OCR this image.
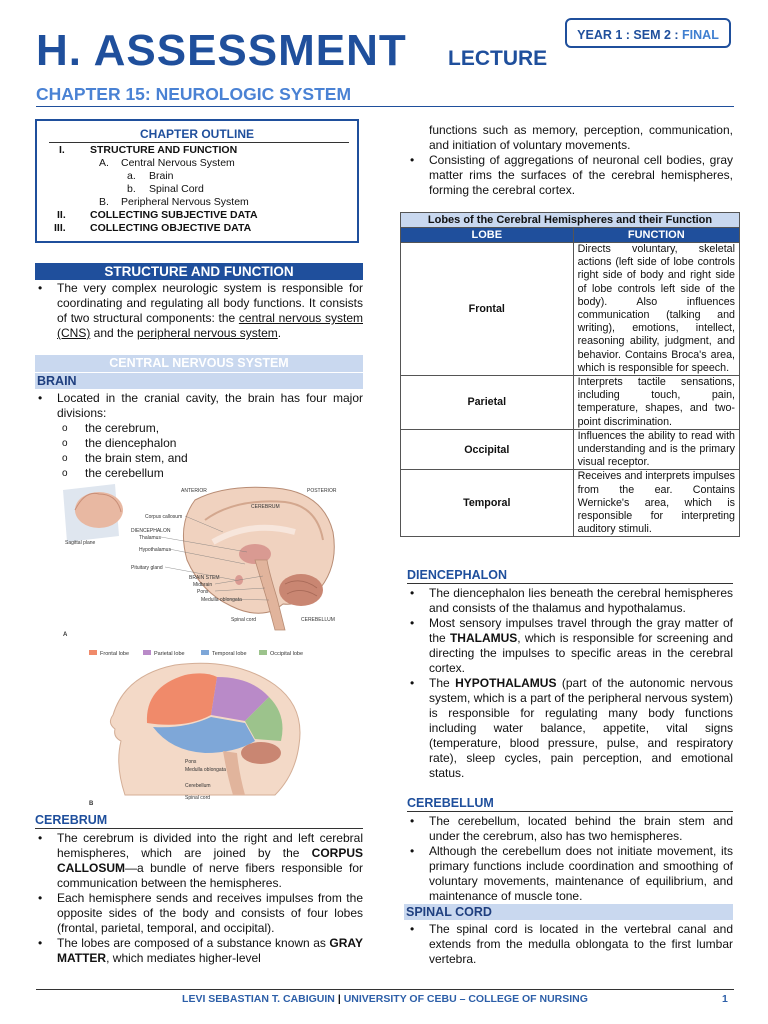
H. ASSESSMENT LECTURE
YEAR 1 : SEM 2 : FINAL
CHAPTER 15: NEUROLOGIC SYSTEM
CHAPTER OUTLINE
I. STRUCTURE AND FUNCTION
A. Central Nervous System
a. Brain
b. Spinal Cord
B. Peripheral Nervous System
II. COLLECTING SUBJECTIVE DATA
III. COLLECTING OBJECTIVE DATA
STRUCTURE AND FUNCTION
• The very complex neurologic system is responsible for coordinating and regulating all body functions. It consists of two structural components: the central nervous system (CNS) and the peripheral nervous system.
CENTRAL NERVOUS SYSTEM
BRAIN
• Located in the cranial cavity, the brain has four major divisions:
o the cerebrum,
o the diencephalon
o the brain stem, and
o the cerebellum
Sagittal plane
ANTERIOR	POSTERIOR
CEREBRUM
Corpus callosum
DIENCEPHALON
Thalamus
Hypothalamus
Pituitary gland
BRAIN STEM
Midbrain
Pons
Medulla oblongata
Spinal cord	CEREBELLUM
A
Frontal lobe	Parietal lobe	Temporal lobe	Occipital lobe
Pons
Medulla oblongata
Cerebellum
Spinal cord
B
CEREBRUM
• The cerebrum is divided into the right and left cerebral hemispheres, which are joined by the CORPUS CALLOSUM—a bundle of nerve fibers responsible for communication between the hemispheres.
• Each hemisphere sends and receives impulses from the opposite sides of the body and consists of four lobes (frontal, parietal, temporal, and occipital).
• The lobes are composed of a substance known as GRAY MATTER, which mediates higher-level
functions such as memory, perception, communication, and initiation of voluntary movements.
• Consisting of aggregations of neuronal cell bodies, gray matter rims the surfaces of the cerebral hemispheres, forming the cerebral cortex.
Lobes of the Cerebral Hemispheres and their Function	
LOBE	FUNCTION
Frontal	Directs voluntary, skeletal actions (left side of lobe controls right side of body and right side of lobe controls left side of the body). Also influences communication (talking and writing), emotions, intellect, reasoning ability, judgment, and behavior. Contains Broca's area, which is responsible for speech.
Parietal	Interprets tactile sensations, including touch, pain, temperature, shapes, and two-point discrimination.
Occipital	Influences the ability to read with understanding and is the primary visual receptor.
Temporal	Receives and interprets impulses from the ear. Contains Wernicke's area, which is responsible for interpreting auditory stimuli.
DIENCEPHALON
• The diencephalon lies beneath the cerebral hemispheres and consists of the thalamus and hypothalamus.
• Most sensory impulses travel through the gray matter of the THALAMUS, which is responsible for screening and directing the impulses to specific areas in the cerebral cortex.
• The HYPOTHALAMUS (part of the autonomic nervous system, which is a part of the peripheral nervous system) is responsible for regulating many body functions including water balance, appetite, vital signs (temperature, blood pressure, pulse, and respiratory rate), sleep cycles, pain perception, and emotional status.
CEREBELLUM
• The cerebellum, located behind the brain stem and under the cerebrum, also has two hemispheres.
• Although the cerebellum does not initiate movement, its primary functions include coordination and smoothing of voluntary movements, maintenance of equilibrium, and maintenance of muscle tone.
SPINAL CORD
• The spinal cord is located in the vertebral canal and extends from the medulla oblongata to the first lumbar vertebra.
LEVI SEBASTIAN T. CABIGUIN | UNIVERSITY OF CEBU – COLLEGE OF NURSING	1
